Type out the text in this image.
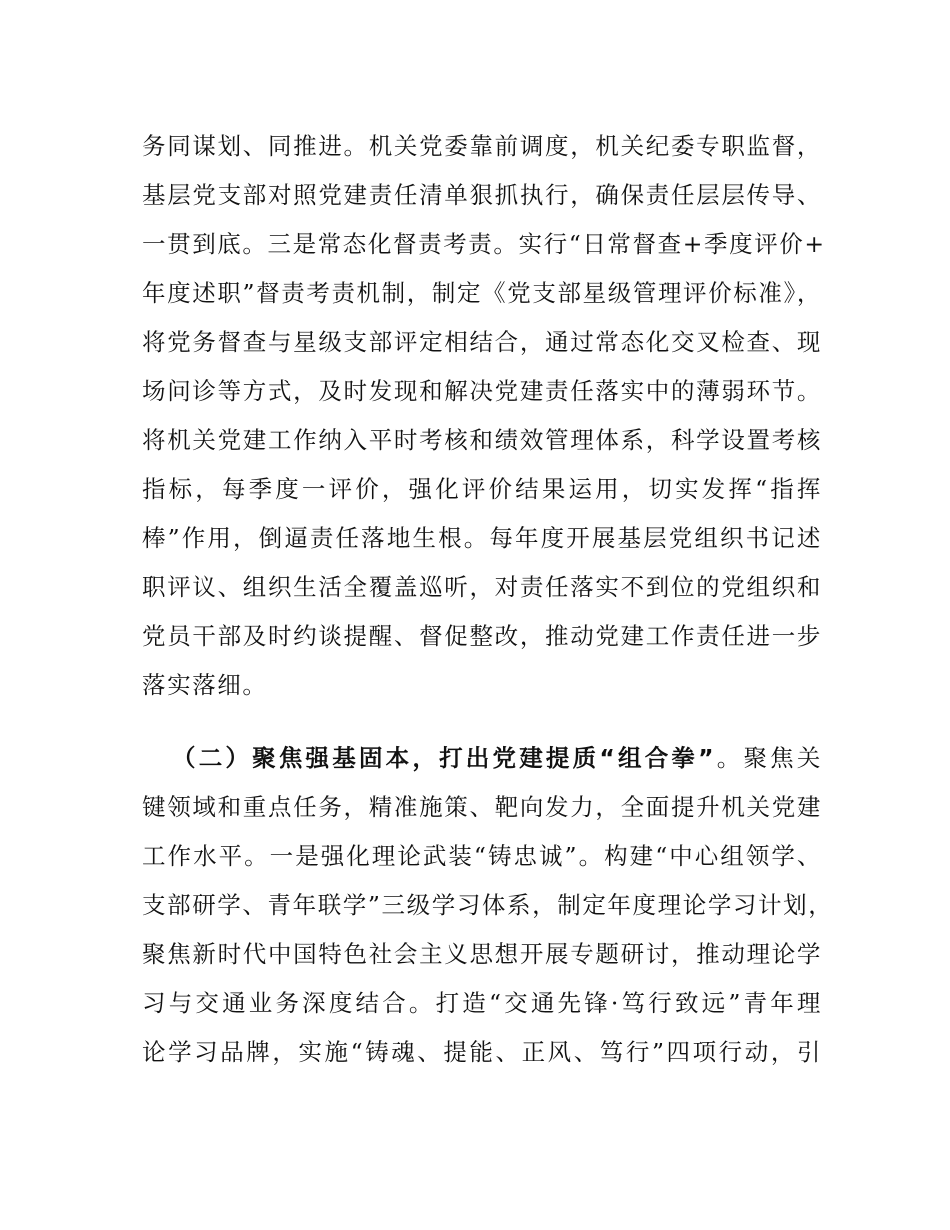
务同谋划、同推进。机关党委靠前调度，机关纪委专职监督，
基层党支部对照党建责任清单狠抓执行，确保责任层层传导、
一贯到底。三是常态化督责考责。实行“日常督查+季度评价+
年度述职”督责考责机制，制定《党支部星级管理评价标准》，
将党务督查与星级支部评定相结合，通过常态化交叉检查、现
场问诊等方式，及时发现和解决党建责任落实中的薄弱环节。
将机关党建工作纳入平时考核和绩效管理体系，科学设置考核
指标，每季度一评价，强化评价结果运用，切实发挥“指挥
棒”作用，倒逼责任落地生根。每年度开展基层党组织书记述
职评议、组织生活全覆盖巡听，对责任落实不到位的党组织和
党员干部及时约谈提醒、督促整改，推动党建工作责任进一步
落实落细。
（二）聚焦强基固本，打出党建提质“组合拳”。聚焦关
键领域和重点任务，精准施策、靶向发力，全面提升机关党建
工作水平。一是强化理论武装“铸忠诚”。构建“中心组领学、
支部研学、青年联学”三级学习体系，制定年度理论学习计划，
聚焦新时代中国特色社会主义思想开展专题研讨，推动理论学
习与交通业务深度结合。打造“交通先锋·笃行致远”青年理
论学习品牌，实施“铸魂、提能、正风、笃行”四项行动，引
